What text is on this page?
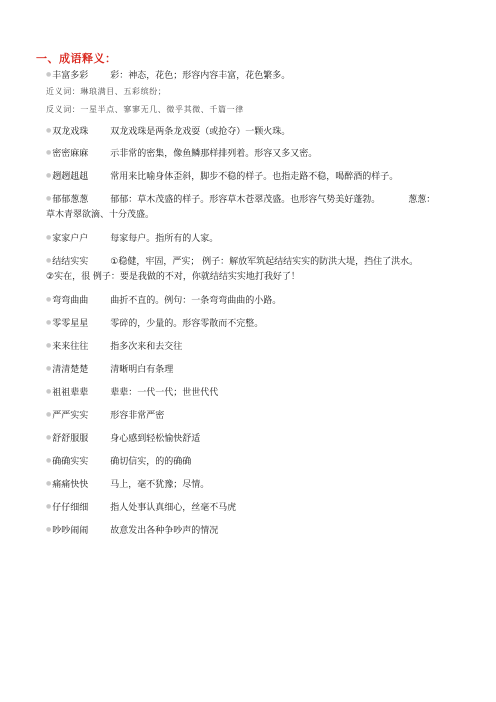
一、成语释义：
●丰富多彩 彩：神态，花色；形容内容丰富，花色繁多。
近义词：琳琅满目、五彩缤纷；
反义词：一星半点、寥寥无几、微乎其微、千篇一律
●双龙戏珠 双龙戏珠是两条龙戏耍（或抢夺）一颗火珠。
●密密麻麻 示非常的密集，像鱼鳞那样排列着。形容又多又密。
●趔趔趄趄 常用来比喻身体歪斜，脚步不稳的样子。也指走路不稳，喝醉酒的样子。
●郁郁葱葱 郁郁：草木茂盛的样子。形容草木苍翠茂盛。也形容气势美好蓬勃。	葱葱：
草木青翠欲滴、十分茂盛。
●家家户户 每家每户。指所有的人家。
●结结实实 ①稳健，牢固，严实； 例子：解放军筑起结结实实的防洪大堤，挡住了洪水。
②实在，很 例子：要是我做的不对，你就结结实实地打我好了！
●弯弯曲曲 曲折不直的。例句：一条弯弯曲曲的小路。
●零零星星 零碎的，少量的。形容零散而不完整。
●来来往往 指多次来和去交往
●清清楚楚 清晰明白有条理
●祖祖辈辈 辈辈：一代一代；世世代代
●严严实实 形容非常严密
●舒舒服服 身心感到轻松愉快舒适
●确确实实 确切信实，的的确确
●痛痛快快 马上，毫不犹豫；尽情。
●仔仔细细 指人处事认真细心，丝毫不马虎
●吵吵闹闹 故意发出各种争吵声的情况
